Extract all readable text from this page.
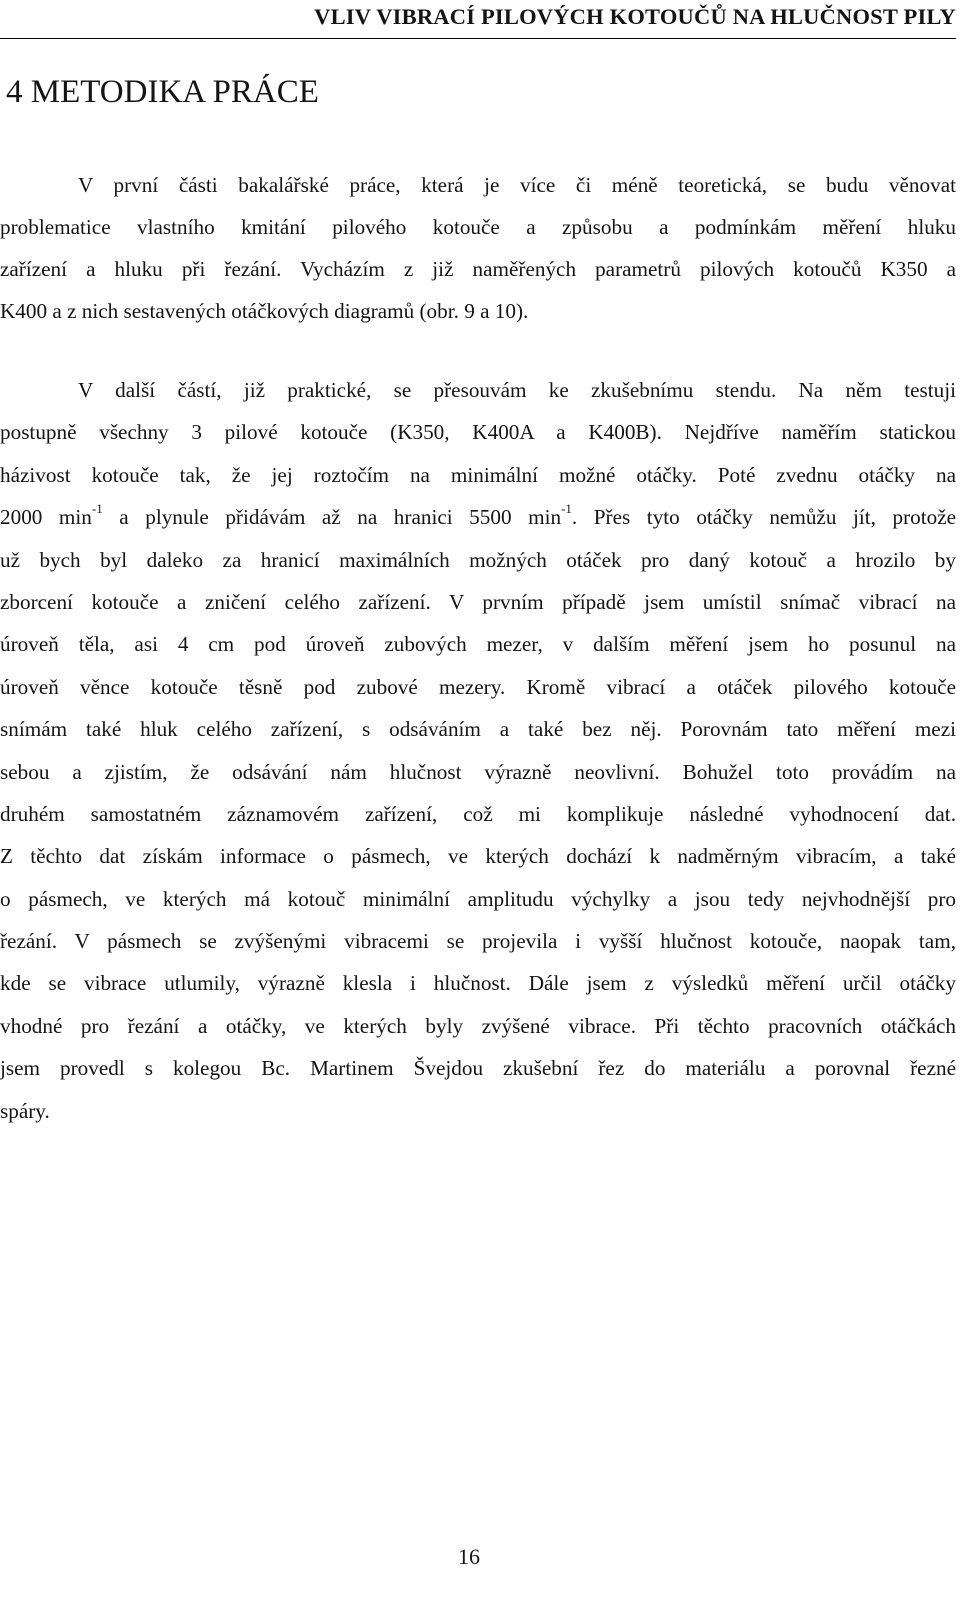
VLIV VIBRACÍ PILOVÝCH KOTOUČŮ NA HLUČNOST PILY
4 METODIKA PRÁCE
V první části bakalářské práce, která je více či méně teoretická, se budu věnovat
problematice vlastního kmitání pilového kotouče a způsobu a podmínkám měření hluku
zařízení a hluku při řezání. Vycházím z již naměřených parametrů pilových kotoučů K350 a
K400 a z nich sestavených otáčkových diagramů (obr. 9 a 10).
V další částí, již praktické, se přesouvám ke zkušebnímu stendu. Na něm testuji
postupně všechny 3 pilové kotouče (K350, K400A a K400B). Nejdříve naměřím statickou
házivost kotouče tak, že jej roztočím na minimální možné otáčky. Poté zvednu otáčky na
2000 $\min^{-1} a$ plynule přidávám až na hranici 5500 $\min^{-1}$. Přes tyto otáčky nemůžu jít, protože
už bych byl daleko za hranicí maximálních možných otáček pro daný kotouč a hrozilo by
zborcení kotouče a zničení celého zařízení. V prvním případě jsem umístil snímač vibrací na
úroveň těla, asi 4 cm pod úroveň zubových mezer, v dalším měření jsem ho posunul na
úroveň věnce kotouče těsně pod zubové mezery. Kromě vibrací a otáček pilového kotouče
snímám také hluk celého zařízení, s odsáváním a také bez něj. Porovnám tato měření mezi
sebou a zjistím, že odsávání nám hlučnost výrazně neovlivní. Bohužel toto provádím na
druhém samostatném záznamovém zařízení, což mi komplikuje následné vyhodnocení dat.
Z těchto dat získám informace o pásmech, ve kterých dochází k nadměrným vibracím, a také
o pásmech, ve kterých má kotouč minimální amplitudu výchylky a jsou tedy nejvhodnější pro
řezání. V pásmech se zvýšenými vibracemi se projevila i vyšší hlučnost kotouče, naopak tam,
kde se vibrace utlumily, výrazně klesla i hlučnost. Dále jsem z výsledků měření určil otáčky
vhodné pro řezání a otáčky, ve kterých byly zvýšené vibrace. Při těchto pracovních otáčkách
jsem provedl s kolegou Bc. Martinem Švejdou zkušební řez do materiálu a porovnal řezné
spáry.
16
